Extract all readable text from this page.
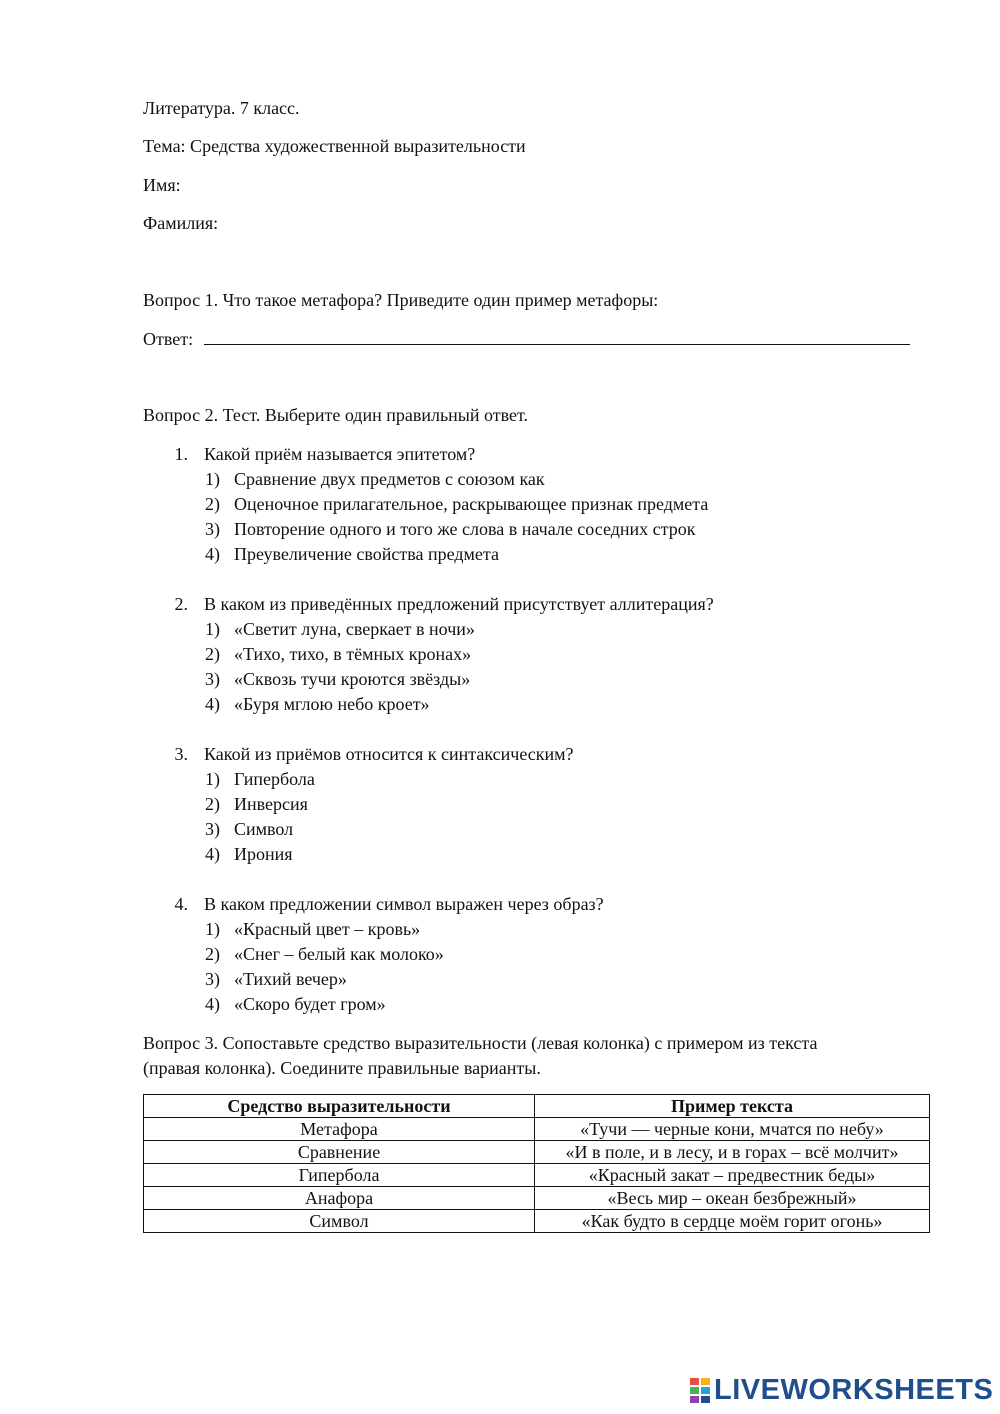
Литература. 7 класс.
Тема: Средства художественной выразительности
Имя:
Фамилия:
Вопрос 1. Что такое метафора? Приведите один пример метафоры:
Ответ:
Вопрос 2. Тест. Выберите один правильный ответ.
1. Какой приём называется эпитетом?
1) Сравнение двух предметов с союзом как
2) Оценочное прилагательное, раскрывающее признак предмета
3) Повторение одного и того же слова в начале соседних строк
4) Преувеличение свойства предмета
2. В каком из приведённых предложений присутствует аллитерация?
1) «Светит луна, сверкает в ночи»
2) «Тихо, тихо, в тёмных кронах»
3) «Сквозь тучи кроются звёзды»
4) «Буря мглою небо кроет»
3. Какой из приёмов относится к синтаксическим?
1) Гипербола
2) Инверсия
3) Символ
4) Ирония
4. В каком предложении символ выражен через образ?
1) «Красный цвет – кровь»
2) «Снег – белый как молоко»
3) «Тихий вечер»
4) «Скоро будет гром»
Вопрос 3. Сопоставьте средство выразительности (левая колонка) с примером из текста
(правая колонка). Соедините правильные варианты.
Средство выразительности	Пример текста
Метафора	«Тучи — черные кони, мчатся по небу»
Сравнение	«И в поле, и в лесу, и в горах – всё молчит»
Гипербола	«Красный закат – предвестник беды»
Анафора	«Весь мир – океан безбрежный»
Символ	«Как будто в сердце моём горит огонь»
LIVEWORKSHEETS
